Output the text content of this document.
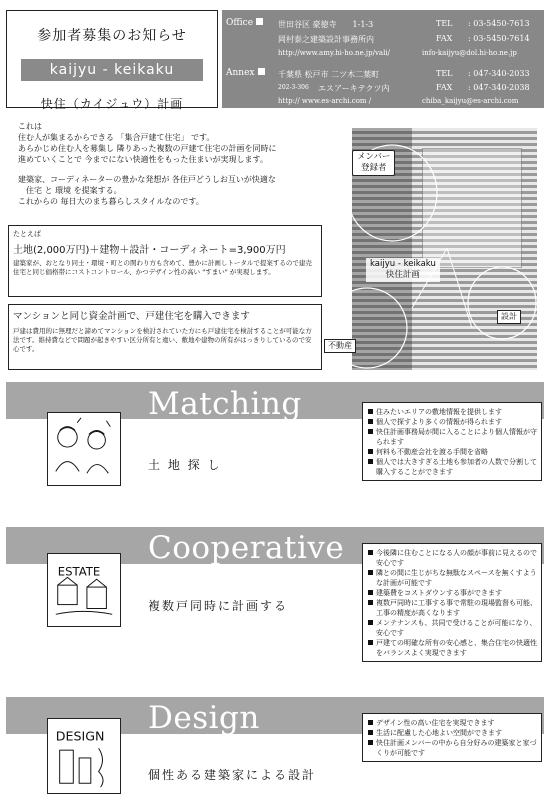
参加者募集のお知らせ
kaijyu - keikaku
快住（カイジュウ）計画
Office	世田谷区 豪徳寺　　1-1-3
岡村泰之建築設計事務所内
http://www.amy.hi-ho.ne.jp/vali/
TEL : 03-5450-7613
FAX : 03-5450-7614
info-kaijyu@dol.hi-ho.ne.jp
Annex	千葉県 松戸市 二ツ木二葉町
202-3-306 エスアーキテクツ内
http:// www.es-archi.com /
TEL : 047-340-2033
FAX : 047-340-2038
chiba_kaijyu@es-archi.com

これは

住む人が集まるからできる 「集合戸建て住宅」 です。

あらかじめ住む人を募集し 隣りあった複数の戸建て住宅の計画を同時に

進めていくことで 今までにない快適性をもった住まいが実現します。

建築家、コーディネーターの豊かな発想が 各住戸どうしお互いが快適な

住宅 と 環境 を提案する。

これからの 毎日大のまち暮らしスタイルなのです。

たとえば
土地(2,000万円)＋建物＋設計・コーディネート=3,900万円
建築家が、おとなり同士・環境・町との関わり方も含めて、豊かに計画しトータルで提案するので建売住宅と同じ価格帯にコストコントロール、かつデザイン性の高い "すまい" が実現します。
マンションと同じ資金計画で、戸建住宅を購入できます
戸建は費用的に無理だと諦めてマンションを検討されていた方にも戸建住宅を検討することが可能な方法です。維持費などで問題が起きやすい区分所有と違い、敷地や建物の所有がはっきりしているので安心です。
kaijyu - keikaku
快住計画
設計
メンバー
登録者
不動産
Matching
土 地 探 し
住みたいエリアの敷地情報を提供します
個人で探すより多くの情報が得られます
快住計画事務局が間に入ることにより個人情報が守られます
何料も不動産会社を渡る手間を省略
個人では大きすぎる土地も参加者の人数で分割して購入することができます
Cooperative
複数戸同時に計画する
ESTATE
今後隣に住むことになる人の顔が事前に見えるので安心です
隣との間に生じがちな無駄なスペースを無くすような計画が可能です
建築費をコストダウンする事ができます
複数戸同時に工事する事で常駐の現場監督も可能、工事の精度が高くなります
メンテナンスも、共同で受けることが可能になり、安心です
戸建ての明確な所有の安心感と、集合住宅の快適性をバランスよく実現できます
Design
個性ある建築家による設計
DESIGN
デザイン性の高い住宅を実現できます
生活に配慮した心地よい空間ができます
快住計画メンバーの中から自分好みの建築家と家づくりが可能です
